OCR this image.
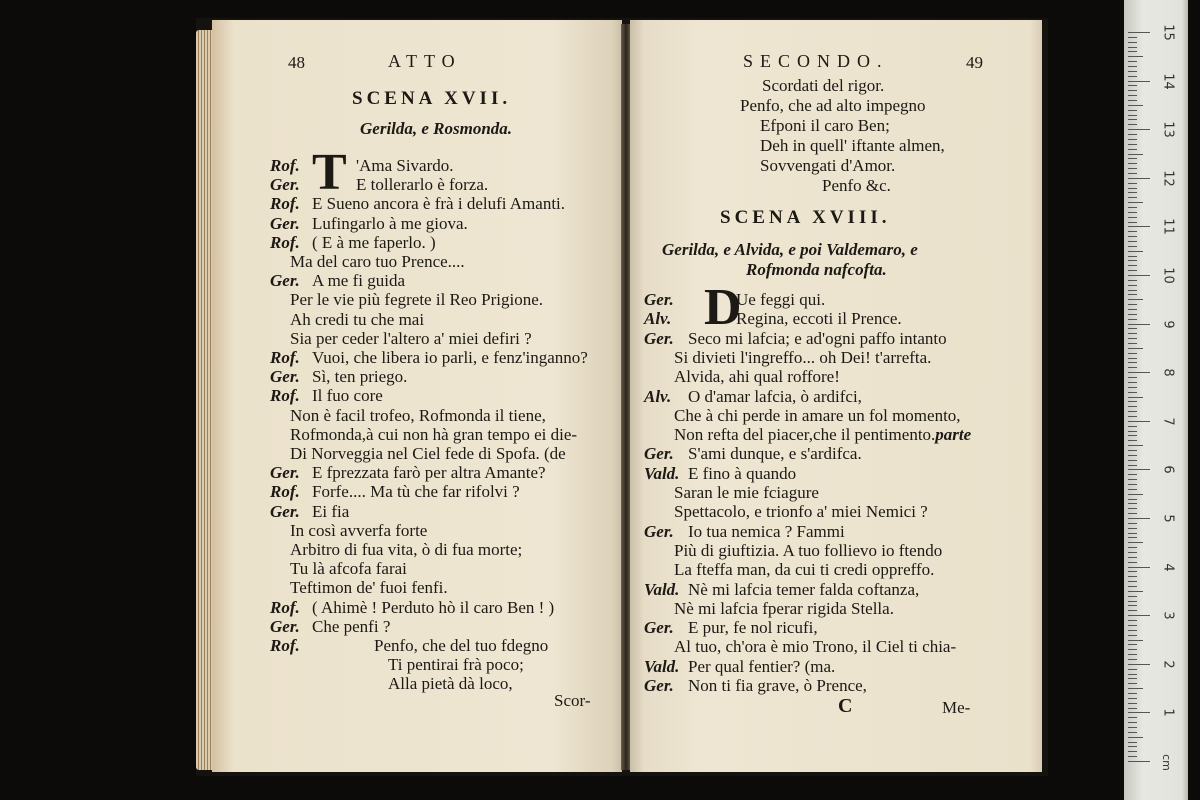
48	ATTO
SCENA XVII.
Gerilda, e Rosmonda.
T
Rof.	'Ama Sivardo.
Ger.	E tollerarlo è forza.
Rof. E Sueno ancora è frà i delufi Amanti.
Ger. Lufingarlo à me giova.
Rof. ( E à me faperlo. )
Ma del caro tuo Prence....
Ger. A me fi guida
Per le vie più fegrete il Reo Prigione.
Ah credi tu che mai
Sia per ceder l'altero a' miei defiri ?
Rof. Vuoi, che libera io parli, e fenz'inganno?
Ger. Sì, ten priego.
Rof. Il fuo core
Non è facil trofeo, Rofmonda il tiene,
Rofmonda,à cui non hà gran tempo ei die-
Di Norveggia nel Ciel fede di Spofa. (de
Ger. E fprezzata farò per altra Amante?
Rof. Forfe.... Ma tù che far rifolvi ?
Ger. Ei fia
In così avverfa forte
Arbitro di fua vita, ò di fua morte;
Tu là afcofa farai
Teftimon de' fuoi fenfi.
Rof. ( Ahimè ! Perduto hò il caro Ben ! )
Ger. Che penfi ?
Rof.	Penfo, che del tuo fdegno
Ti pentirai frà poco;
Alla pietà dà loco,
Scor-
SECONDO.	49
Scordati del rigor.
Penfo, che ad alto impegno
Efponi il caro Ben;
Deh in quell' iftante almen,
Sovvengati d'Amor.
Penfo &c.
SCENA XVIII.
Gerilda, e Alvida, e poi Valdemaro, e
Rofmonda nafcofta.
D
Ger.	Ue feggi qui.
Alv.	Regina, eccoti il Prence.
Ger. Seco mi lafcia; e ad'ogni paffo intanto
Si divieti l'ingreffo... oh Dei! t'arrefta.
Alvida, ahi qual roffore!
Alv. O d'amar lafcia, ò ardifci,
Che à chi perde in amare un fol momento,
Non refta del piacer,che il pentimento.parte
Ger. S'ami dunque, e s'ardifca.
Vald. E fino à quando
Saran le mie fciagure
Spettacolo, e trionfo a' miei Nemici ?
Ger. Io tua nemica ? Fammi
Più di giuftizia. A tuo follievo io ftendo
La fteffa man, da cui ti credi oppreffo.
Vald. Nè mi lafcia temer falda coftanza,
Nè mi lafcia fperar rigida Stella.
Ger. E pur, fe nol ricufi,
Al tuo, ch'ora è mio Trono, il Ciel ti chia-
Vald. Per qual fentier? (ma.
Ger. Non ti fia grave, ò Prence,
C	Me-
cm
15
14
13
12
11
10
9
8
7
6
5
4
3
2
1
